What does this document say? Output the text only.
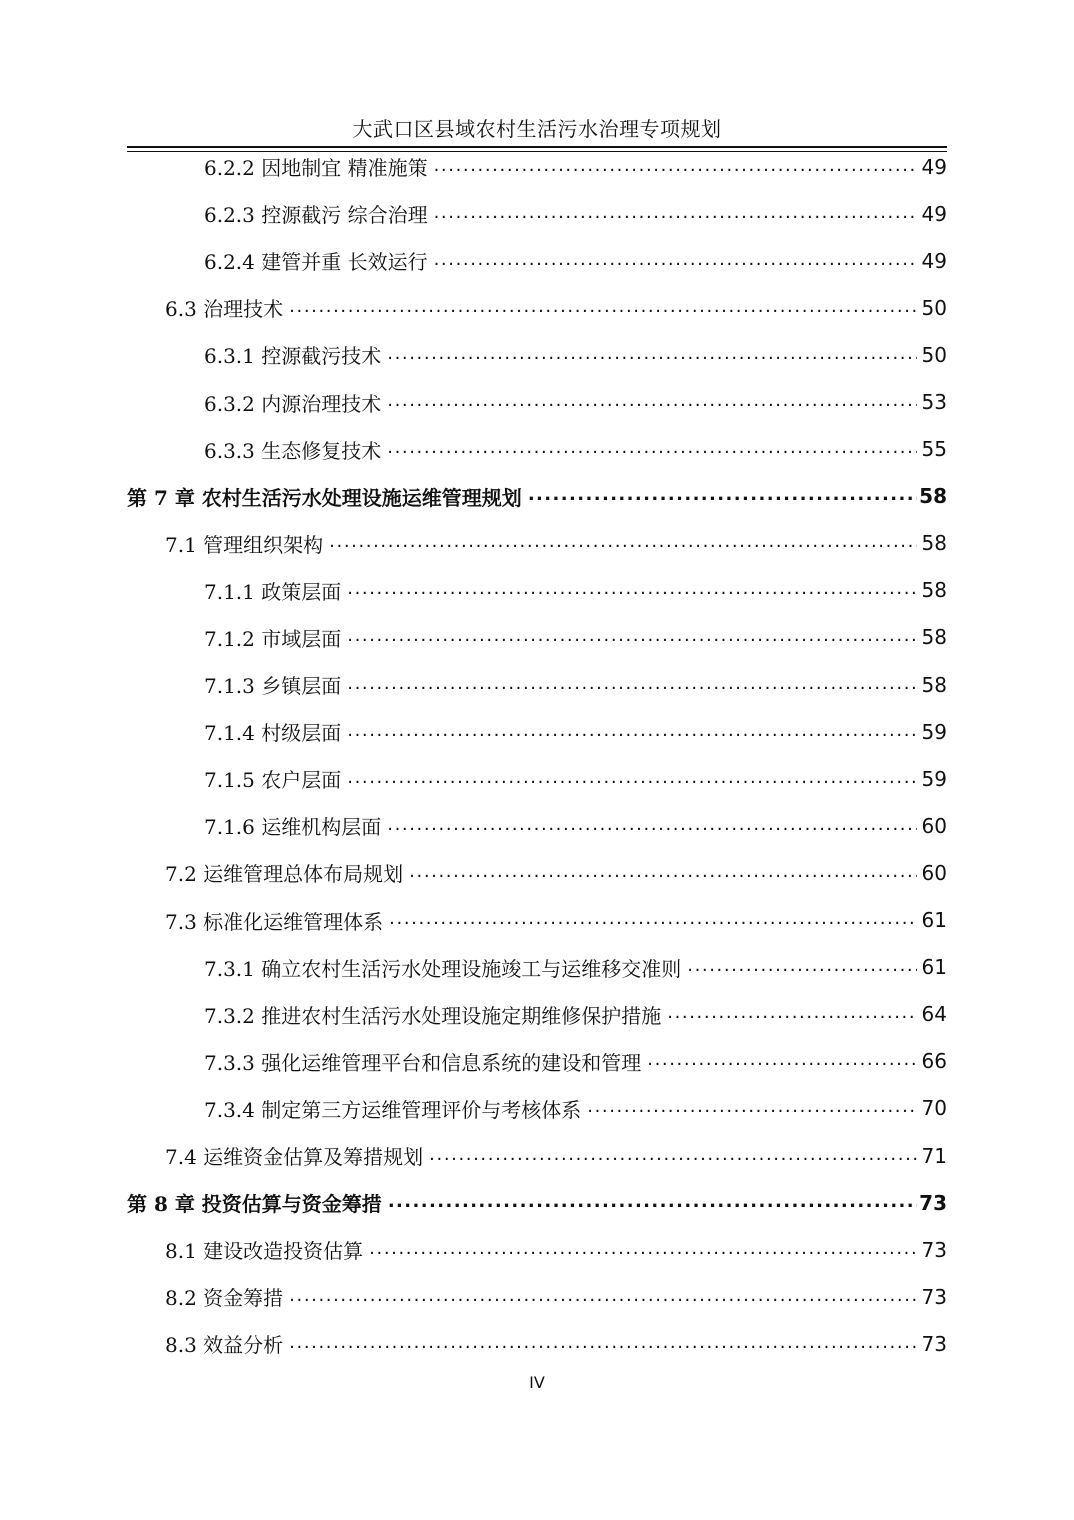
大武口区县域农村生活污水治理专项规划
6.2.2 因地制宜 精准施策 .....	49
6.2.3 控源截污 综合治理 .....	49
6.2.4 建管并重 长效运行 .....	49
6.3 治理技术 .....	50
6.3.1 控源截污技术 .....	50
6.3.2 内源治理技术 .....	53
6.3.3 生态修复技术 .....	55
第 7 章 农村生活污水处理设施运维管理规划 .....	58
7.1 管理组织架构 .....	58
7.1.1 政策层面 .....	58
7.1.2 市域层面 .....	58
7.1.3 乡镇层面 .....	58
7.1.4 村级层面 .....	59
7.1.5 农户层面 .....	59
7.1.6 运维机构层面 .....	60
7.2 运维管理总体布局规划 .....	60
7.3 标准化运维管理体系 .....	61
7.3.1 确立农村生活污水处理设施竣工与运维移交准则 .....	61
7.3.2 推进农村生活污水处理设施定期维修保护措施 .....	64
7.3.3 强化运维管理平台和信息系统的建设和管理 .....	66
7.3.4 制定第三方运维管理评价与考核体系 .....	70
7.4 运维资金估算及筹措规划 .....	71
第 8 章 投资估算与资金筹措 .....	73
8.1 建设改造投资估算 .....	73
8.2 资金筹措 .....	73
8.3 效益分析 .....	73
IV
